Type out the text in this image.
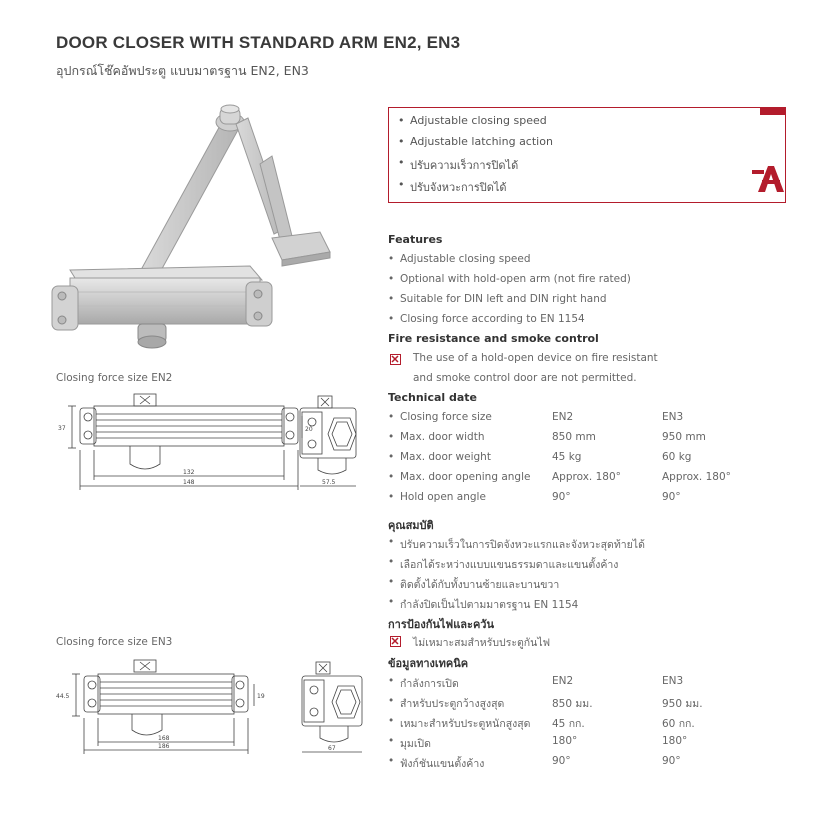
DOOR CLOSER WITH STANDARD ARM EN2, EN3
อุปกรณ์โช๊คอัพประตู แบบมาตรฐาน EN2, EN3
• Adjustable closing speed
• Adjustable latching action
• ปรับความเร็วการปิดได้
• ปรับจังหวะการปิดได้
Features
• Adjustable closing speed
• Optional with hold-open arm (not fire rated)
• Suitable for DIN left and DIN right hand
• Closing force according to EN 1154
Fire resistance and smoke control
The use of a hold-open device on fire resistant
and smoke control door are not permitted.
Technical date
• Closing force size	EN2	EN3
• Max. door width	850 mm	950 mm
• Max. door weight	45 kg	60 kg
• Max. door opening angle Approx. 180°	Approx. 180°
• Hold open angle	90°	90°
คุณสมบัติ
• ปรับความเร็วในการปิดจังหวะแรกและจังหวะสุดท้ายได้
• เลือกได้ระหว่างแบบแขนธรรมดาและแขนตั้งค้าง
• ติดตั้งได้กับทั้งบานซ้ายและบานขวา
• กำลังปิดเป็นไปตามมาตรฐาน EN 1154
การป้องกันไฟและควัน
ไม่เหมาะสมสำหรับประตูกันไฟ
ข้อมูลทางเทคนิค
• กำลังการเปิด	EN2	EN3
• สำหรับประตูกว้างสูงสุด	850 มม.	950 มม.
• เหมาะสำหรับประตูหนักสูงสุด 45 กก.	60 กก.
• มุมเปิด	180°	180°
• ฟังก์ชันแขนตั้งค้าง	90°	90°
Closing force size EN2
37	20
132
148	57.5
Closing force size EN3
44.5	19
168
186	67
